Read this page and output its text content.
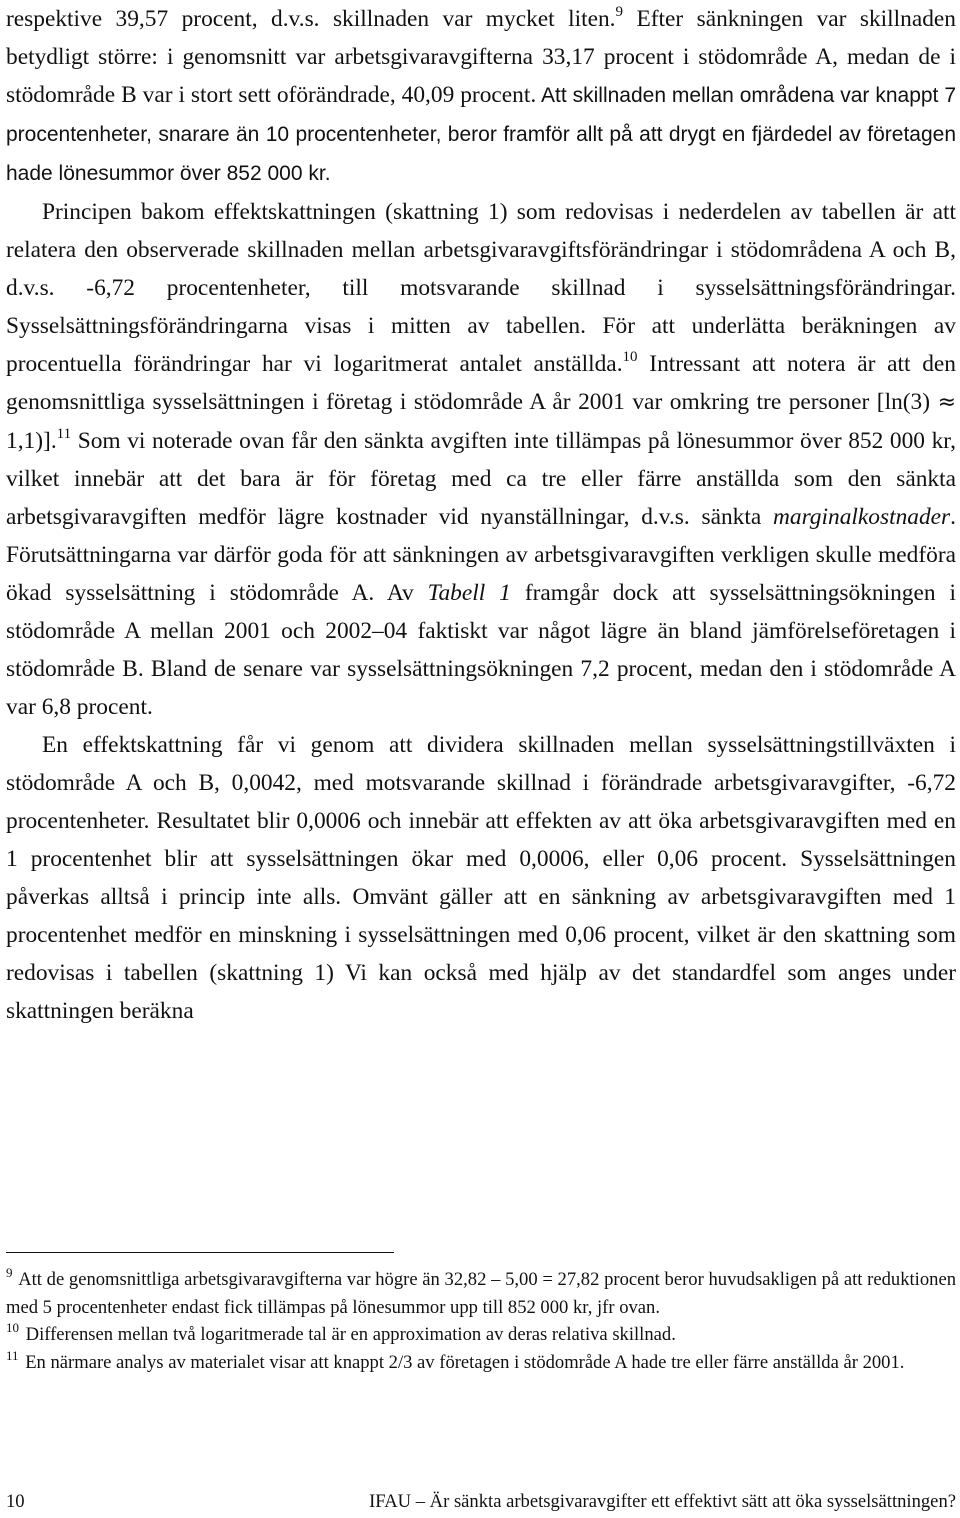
respektive 39,57 procent, d.v.s. skillnaden var mycket liten.$^9$ Efter sänkningen var skillnaden betydligt större: i genomsnitt var arbetsgivaravgifterna 33,17 procent i stödområde A, medan de i stödområde B var i stort sett oförändrade, 40,09 procent. Att skillnaden mellan områdena var knappt 7 procentenheter, snarare än 10 procentenheter, beror framför allt på att drygt en fjärdedel av företagen hade lönesummor över 852 000 kr.

Principen bakom effektskattningen (skattning 1) som redovisas i nederdelen av tabellen är att relatera den observerade skillnaden mellan arbetsgivaravgiftsförändringar i stödområdena A och B, d.v.s. -6,72 procentenheter, till motsvarande skillnad i sysselsättningsförändringar. Sysselsättningsförändringarna visas i mitten av tabellen. För att underlätta beräkningen av procentuella förändringar har vi logaritmerat antalet anställda.$^{10}$ Intressant att notera är att den genomsnittliga sysselsättningen i företag i stödområde A år 2001 var omkring tre personer [ln(3) ≈ 1,1)].$^{11}$ Som vi noterade ovan får den sänkta avgiften inte tillämpas på lönesummor över 852 000 kr, vilket innebär att det bara är för företag med ca tre eller färre anställda som den sänkta arbetsgivaravgiften medför lägre kostnader vid nyanställningar, d.v.s. sänkta marginalkostnader. Förutsättningarna var därför goda för att sänkningen av arbetsgivaravgiften verkligen skulle medföra ökad sysselsättning i stödområde A. Av Tabell 1 framgår dock att sysselsättningsökningen i stödområde A mellan 2001 och 2002–04 faktiskt var något lägre än bland jämförelseföretagen i stödområde B. Bland de senare var sysselsättningsökningen 7,2 procent, medan den i stödområde A var 6,8 procent.

En effektskattning får vi genom att dividera skillnaden mellan sysselsättningstillväxten i stödområde A och B, 0,0042, med motsvarande skillnad i förändrade arbetsgivaravgifter, -6,72 procentenheter. Resultatet blir 0,0006 och innebär att effekten av att öka arbetsgivaravgiften med en 1 procentenhet blir att sysselsättningen ökar med 0,0006, eller 0,06 procent. Sysselsättningen påverkas alltså i princip inte alls. Omvänt gäller att en sänkning av arbetsgivaravgiften med 1 procentenhet medför en minskning i sysselsättningen med 0,06 procent, vilket är den skattning som redovisas i tabellen (skattning 1) Vi kan också med hjälp av det standardfel som anges under skattningen beräkna

$^9$ Att de genomsnittliga arbetsgivaravgifterna var högre än 32,82 – 5,00 = 27,82 procent beror huvudsakligen på att reduktionen med 5 procentenheter endast fick tillämpas på lönesummor upp till 852 000 kr, jfr ovan.

$^{10}$ Differensen mellan två logaritmerade tal är en approximation av deras relativa skillnad.

$^{11}$ En närmare analys av materialet visar att knappt 2/3 av företagen i stödområde A hade tre eller färre anställda år 2001.

10	IFAU – Är sänkta arbetsgivaravgifter ett effektivt sätt att öka sysselsättningen?
